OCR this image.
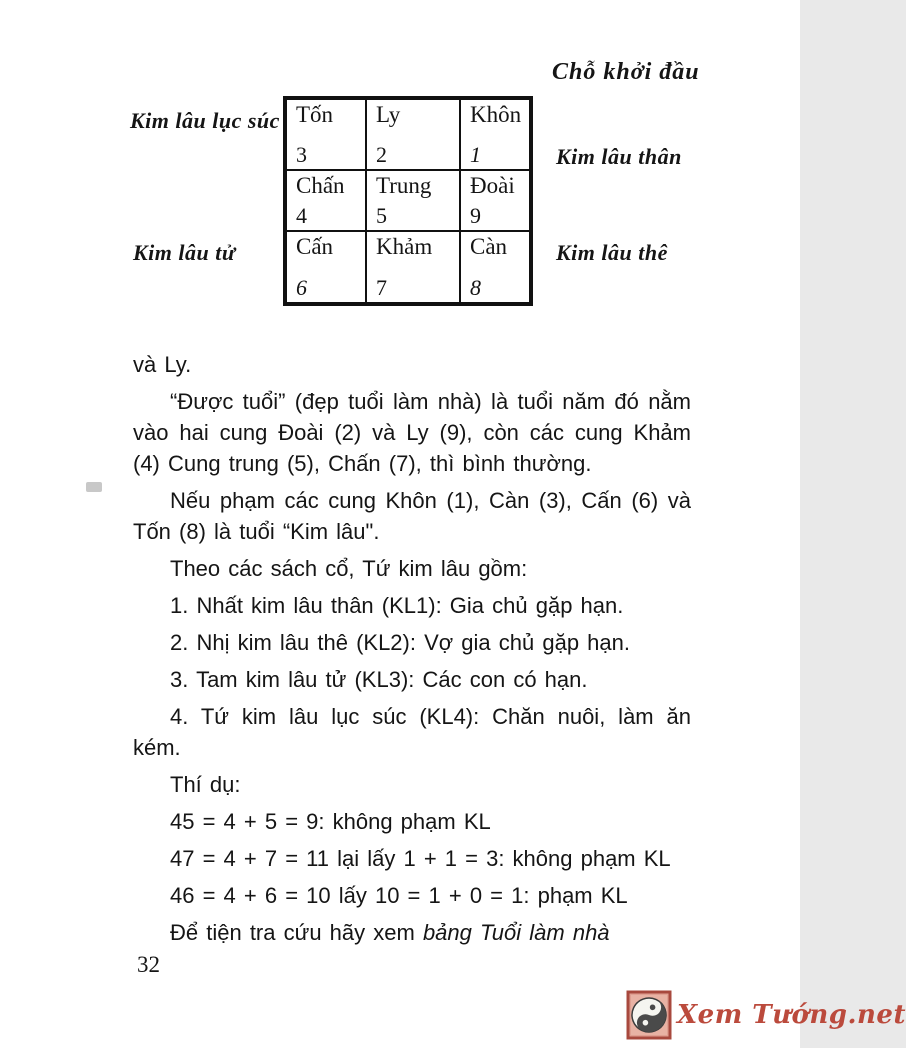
Chỗ khởi đầu
Kim lâu lục súc
Kim lâu thân
Kim lâu tử	Kim lâu thê
Tốn
3
Ly
2
Khôn
1
Chấn
4
Trung
5
Đoài
9
Cấn
6
Khảm
7
Càn
8

và Ly.

“Được tuổi” (đẹp tuổi làm nhà) là tuổi năm đó nằm vào hai cung Đoài (2) và Ly (9), còn các cung Khảm (4) Cung trung (5), Chấn (7), thì bình thường.

Nếu phạm các cung Khôn (1), Càn (3), Cấn (6) và Tốn (8) là tuổi “Kim lâu".

Theo các sách cổ, Tứ kim lâu gồm:

1. Nhất kim lâu thân (KL1): Gia chủ gặp hạn.

2. Nhị kim lâu thê (KL2): Vợ gia chủ gặp hạn.

3. Tam kim lâu tử (KL3): Các con có hạn.

4. Tứ kim lâu lục súc (KL4): Chăn nuôi, làm ăn kém.

Thí dụ:

45 = 4 + 5 = 9: không phạm KL

47 = 4 + 7 = 11 lại lấy 1 + 1 = 3: không phạm KL

46 = 4 + 6 = 10 lấy 10 = 1 + 0 = 1: phạm KL

Để tiện tra cứu hãy xem bảng Tuổi làm nhà

32
Xem Tướng.net
